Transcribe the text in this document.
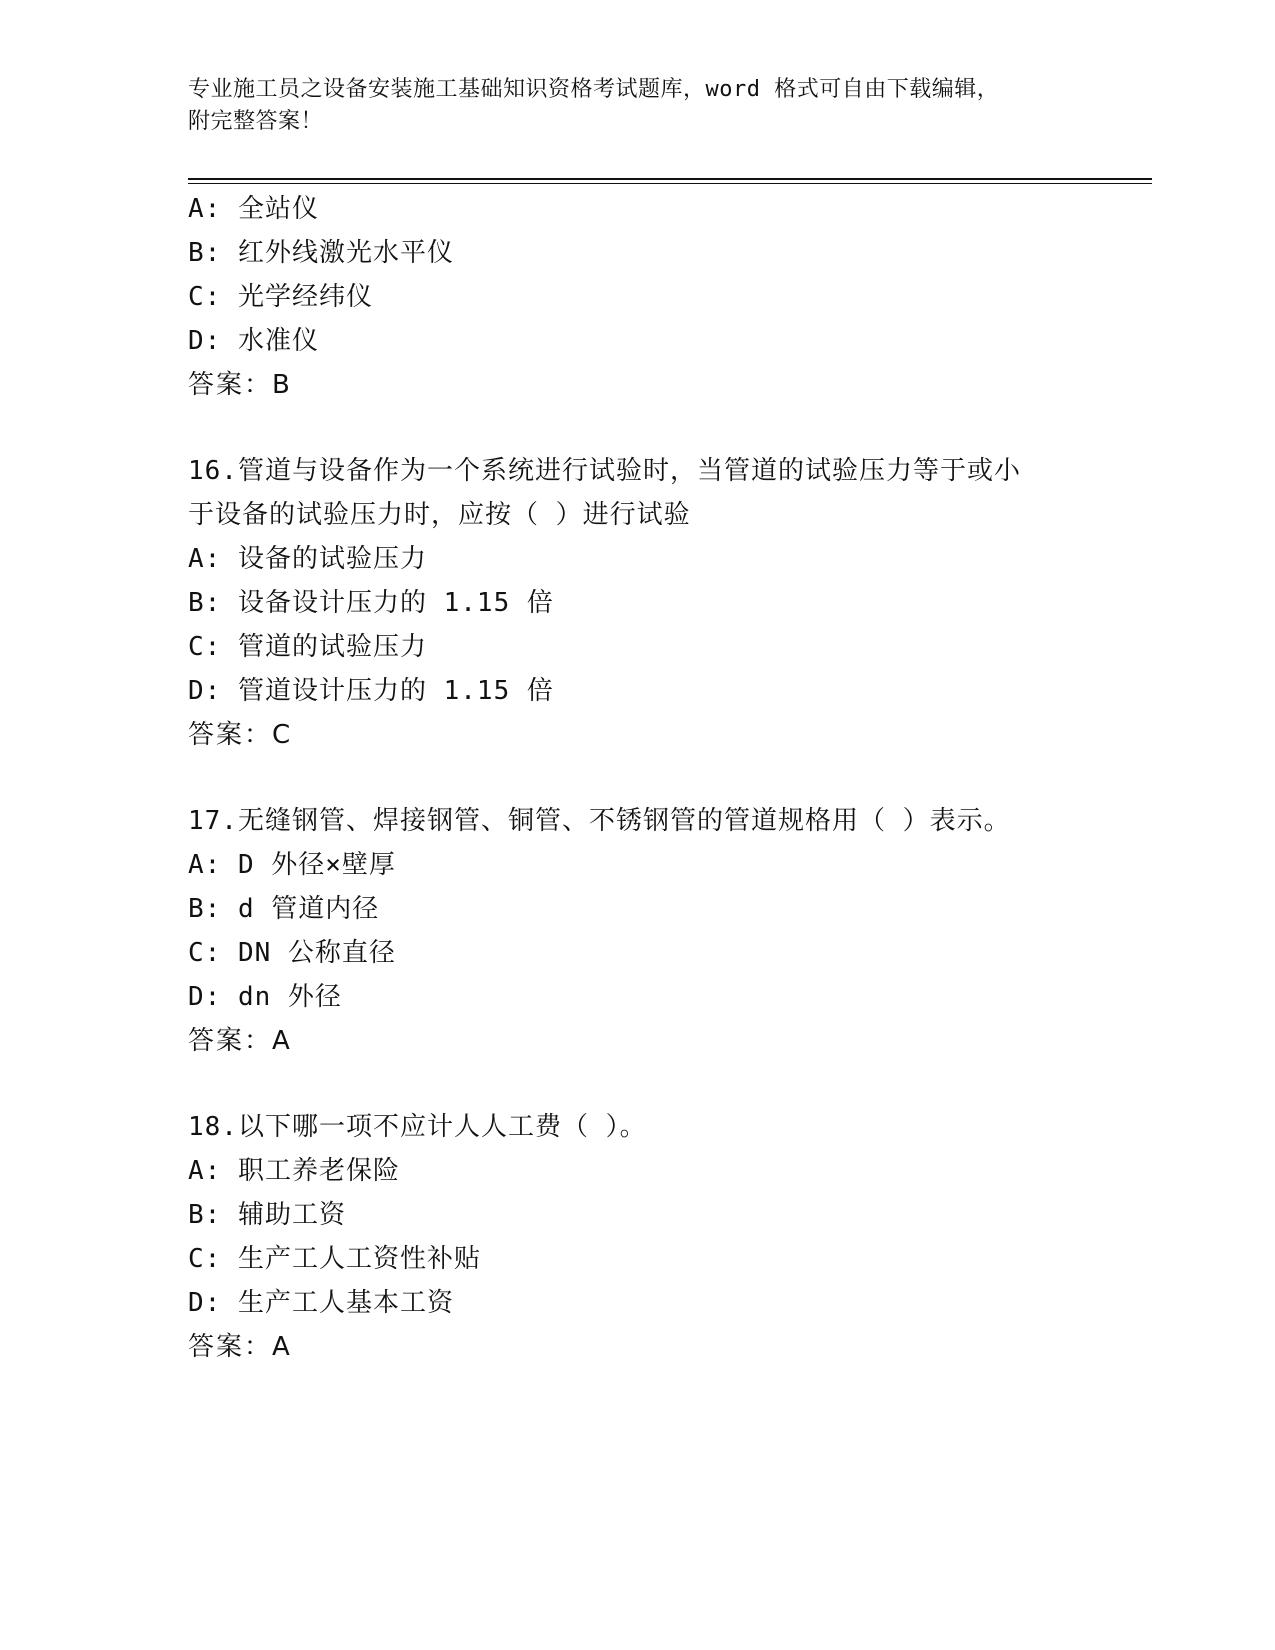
专业施工员之设备安装施工基础知识资格考试题库，word 格式可自由下载编辑，
附完整答案！
A: 全站仪
B: 红外线激光水平仪
C: 光学经纬仪
D: 水准仪
答案：B
16.管道与设备作为一个系统进行试验时，当管道的试验压力等于或小
于设备的试验压力时，应按（ ）进行试验
A: 设备的试验压力
B: 设备设计压力的 1.15 倍
C: 管道的试验压力
D: 管道设计压力的 1.15 倍
答案：C
17.无缝钢管、焊接钢管、铜管、不锈钢管的管道规格用（ ）表示。
A: D 外径×壁厚
B: d 管道内径
C: DN 公称直径
D: dn 外径
答案：A
18.以下哪一项不应计人人工费（ ）。
A: 职工养老保险
B: 辅助工资
C: 生产工人工资性补贴
D: 生产工人基本工资
答案：A
